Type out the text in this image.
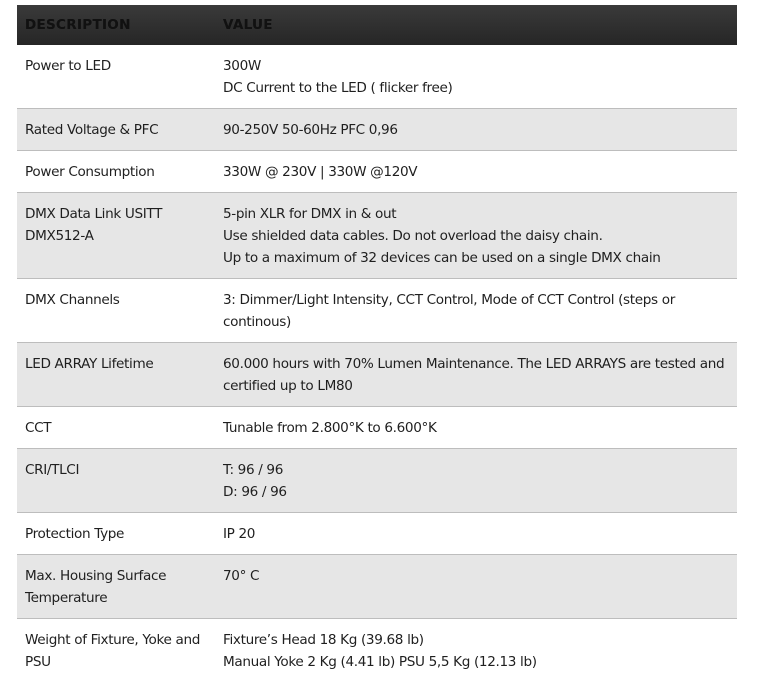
DESCRIPTION	VALUE

Power to LED	300W
DC Current to the LED ( flicker free)

Rated Voltage & PFC	90-250V 50-60Hz PFC 0,96

Power Consumption	330W @ 230V | 330W @120V

DMX Data Link USITT
DMX512-A	5-pin XLR for DMX in & out
Use shielded data cables. Do not overload the daisy chain.
Up to a maximum of 32 devices can be used on a single DMX chain

DMX Channels	3: Dimmer/Light Intensity, CCT Control, Mode of CCT Control (steps or
continous)

LED ARRAY Lifetime	60.000 hours with 70% Lumen Maintenance. The LED ARRAYS are tested and
certified up to LM80

CCT	Tunable from 2.800°K to 6.600°K

CRI/TLCI	T: 96 / 96
D: 96 / 96

Protection Type	IP 20

Max. Housing Surface
Temperature	70° C

Weight of Fixture, Yoke and
PSU	Fixture’s Head 18 Kg (39.68 lb)
Manual Yoke 2 Kg (4.41 lb) PSU 5,5 Kg (12.13 lb)
